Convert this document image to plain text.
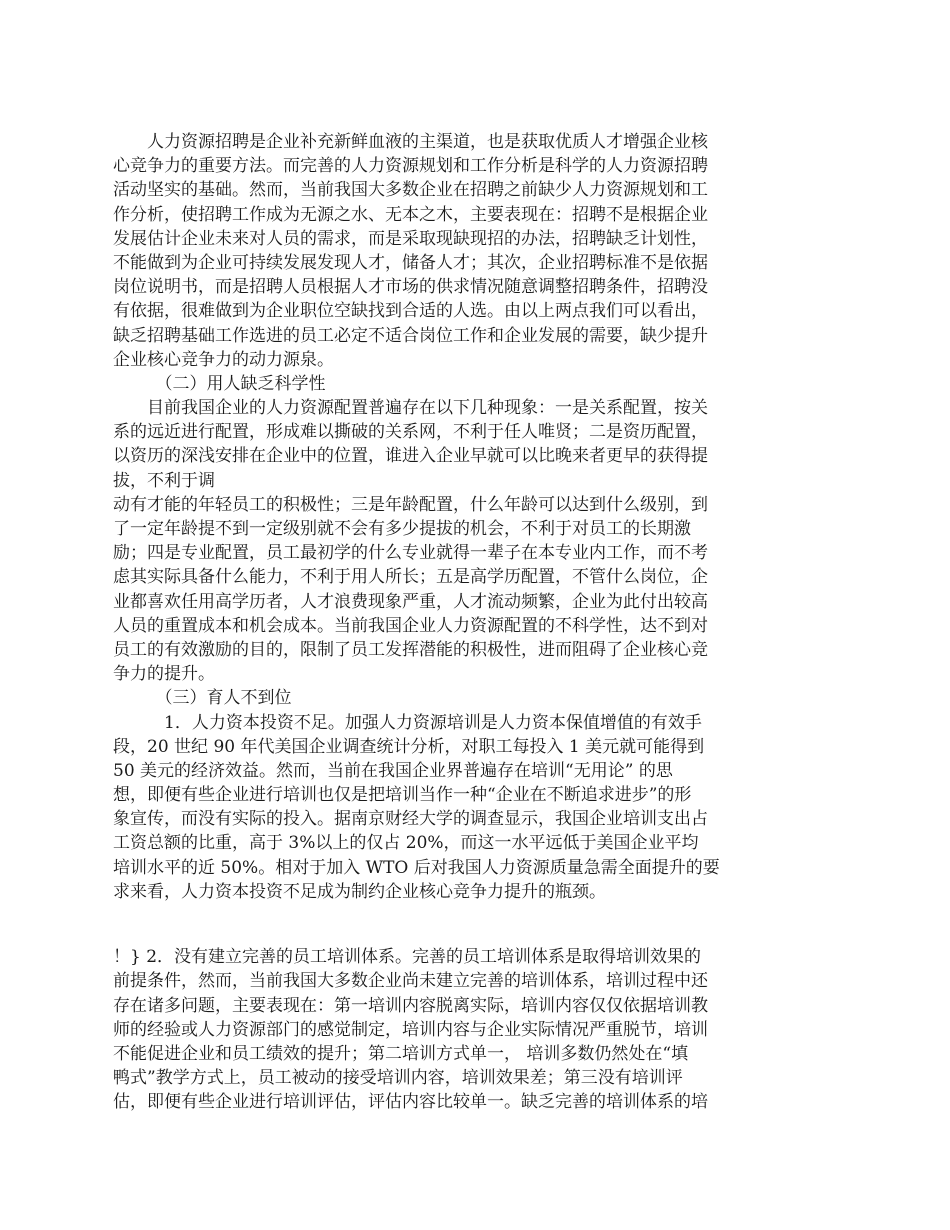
　　人力资源招聘是企业补充新鲜血液的主渠道，也是获取优质人才增强企业核
心竞争力的重要方法。而完善的人力资源规划和工作分析是科学的人力资源招聘
活动坚实的基础。然而，当前我国大多数企业在招聘之前缺少人力资源规划和工
作分析，使招聘工作成为无源之水、无本之木，主要表现在：招聘不是根据企业
发展估计企业未来对人员的需求，而是采取现缺现招的办法，招聘缺乏计划性，
不能做到为企业可持续发展发现人才，储备人才；其次，企业招聘标准不是依据
岗位说明书，而是招聘人员根据人才市场的供求情况随意调整招聘条件，招聘没
有依据，很难做到为企业职位空缺找到合适的人选。由以上两点我们可以看出，
缺乏招聘基础工作选进的员工必定不适合岗位工作和企业发展的需要，缺少提升
企业核心竞争力的动力源泉。
　　　（二）用人缺乏科学性
　　目前我国企业的人力资源配置普遍存在以下几种现象：一是关系配置，按关
系的远近进行配置，形成难以撕破的关系网，不利于任人唯贤；二是资历配置，
以资历的深浅安排在企业中的位置，谁进入企业早就可以比晚来者更早的获得提
拔，不利于调
动有才能的年轻员工的积极性；三是年龄配置，什么年龄可以达到什么级别，到
了一定年龄提不到一定级别就不会有多少提拔的机会，不利于对员工的长期激
励；四是专业配置，员工最初学的什么专业就得一辈子在本专业内工作，而不考
虑其实际具备什么能力，不利于用人所长；五是高学历配置，不管什么岗位，企
业都喜欢任用高学历者，人才浪费现象严重，人才流动频繁，企业为此付出较高
人员的重置成本和机会成本。当前我国企业人力资源配置的不科学性，达不到对
员工的有效激励的目的，限制了员工发挥潜能的积极性，进而阻碍了企业核心竞
争力的提升。
　　　（三）育人不到位
　　　1．人力资本投资不足。加强人力资源培训是人力资本保值增值的有效手
段，20 世纪 90 年代美国企业调查统计分析，对职工每投入 1 美元就可能得到
50 美元的经济效益。然而，当前在我国企业界普遍存在培训“无用论” 的思
想，即便有些企业进行培训也仅是把培训当作一种“企业在不断追求进步”的形
象宣传，而没有实际的投入。据南京财经大学的调查显示，我国企业培训支出占
工资总额的比重，高于 3%以上的仅占 20%，而这一水平远低于美国企业平均
培训水平的近 50%。相对于加入 WTO 后对我国人力资源质量急需全面提升的要
求来看，人力资本投资不足成为制约企业核心竞争力提升的瓶颈。
！} 2．没有建立完善的员工培训体系。完善的员工培训体系是取得培训效果的
前提条件，然而，当前我国大多数企业尚未建立完善的培训体系，培训过程中还
存在诸多问题，主要表现在：第一培训内容脱离实际，培训内容仅仅依据培训教
师的经验或人力资源部门的感觉制定，培训内容与企业实际情况严重脱节，培训
不能促进企业和员工绩效的提升；第二培训方式单一， 培训多数仍然处在“填
鸭式”教学方式上，员工被动的接受培训内容，培训效果差；第三没有培训评
估，即便有些企业进行培训评估，评估内容比较单一。缺乏完善的培训体系的培
